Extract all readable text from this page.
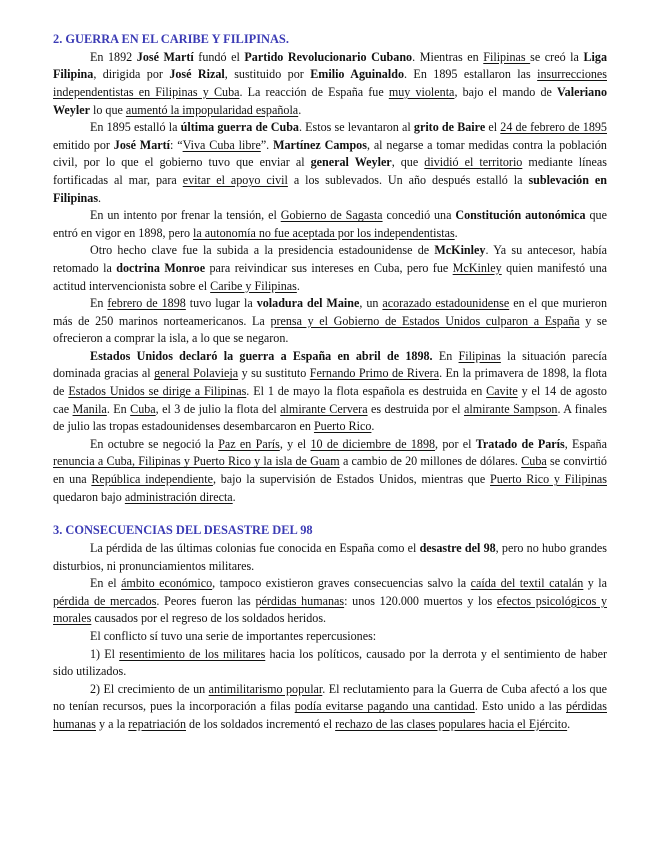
2. GUERRA EN EL CARIBE Y FILIPINAS.

En 1892 José Martí fundó el Partido Revolucionario Cubano. Mientras en Filipinas se creó la Liga Filipina, dirigida por José Rizal, sustituido por Emilio Aguinaldo. En 1895 estallaron las insurrecciones independentistas en Filipinas y Cuba. La reacción de España fue muy violenta, bajo el mando de Valeriano Weyler lo que aumentó la impopularidad española.

En 1895 estalló la última guerra de Cuba. Estos se levantaron al grito de Baire el 24 de febrero de 1895 emitido por José Martí: “Viva Cuba libre”. Martínez Campos, al negarse a tomar medidas contra la población civil, por lo que el gobierno tuvo que enviar al general Weyler, que dividió el territorio mediante líneas fortificadas al mar, para evitar el apoyo civil a los sublevados. Un año después estalló la sublevación en Filipinas.

En un intento por frenar la tensión, el Gobierno de Sagasta concedió una Constitución autonómica que entró en vigor en 1898, pero la autonomía no fue aceptada por los independentistas.

Otro hecho clave fue la subida a la presidencia estadounidense de McKinley. Ya su antecesor, había retomado la doctrina Monroe para reivindicar sus intereses en Cuba, pero fue McKinley quien manifestó una actitud intervencionista sobre el Caribe y Filipinas.

En febrero de 1898 tuvo lugar la voladura del Maine, un acorazado estadounidense en el que murieron más de 250 marinos norteamericanos. La prensa y el Gobierno de Estados Unidos culparon a España y se ofrecieron a comprar la isla, a lo que se negaron.

Estados Unidos declaró la guerra a España en abril de 1898. En Filipinas la situación parecía dominada gracias al general Polavieja y su sustituto Fernando Primo de Rivera. En la primavera de 1898, la flota de Estados Unidos se dirige a Filipinas. El 1 de mayo la flota española es destruida en Cavite y el 14 de agosto cae Manila. En Cuba, el 3 de julio la flota del almirante Cervera es destruida por el almirante Sampson. A finales de julio las tropas estadounidenses desembarcaron en Puerto Rico.

En octubre se negoció la Paz en París, y el 10 de diciembre de 1898, por el Tratado de París, España renuncia a Cuba, Filipinas y Puerto Rico y la isla de Guam a cambio de 20 millones de dólares. Cuba se convirtió en una República independiente, bajo la supervisión de Estados Unidos, mientras que Puerto Rico y Filipinas quedaron bajo administración directa.

3. CONSECUENCIAS DEL DESASTRE DEL 98

La pérdida de las últimas colonias fue conocida en España como el desastre del 98, pero no hubo grandes disturbios, ni pronunciamientos militares.

En el ámbito económico, tampoco existieron graves consecuencias salvo la caída del textil catalán y la pérdida de mercados. Peores fueron las pérdidas humanas: unos 120.000 muertos y los efectos psicológicos y morales causados por el regreso de los soldados heridos.

El conflicto sí tuvo una serie de importantes repercusiones:

1) El resentimiento de los militares hacia los políticos, causado por la derrota y el sentimiento de haber sido utilizados.

2) El crecimiento de un antimilitarismo popular. El reclutamiento para la Guerra de Cuba afectó a los que no tenían recursos, pues la incorporación a filas podía evitarse pagando una cantidad. Esto unido a las pérdidas humanas y a la repatriación de los soldados incrementó el rechazo de las clases populares hacia el Ejército.
